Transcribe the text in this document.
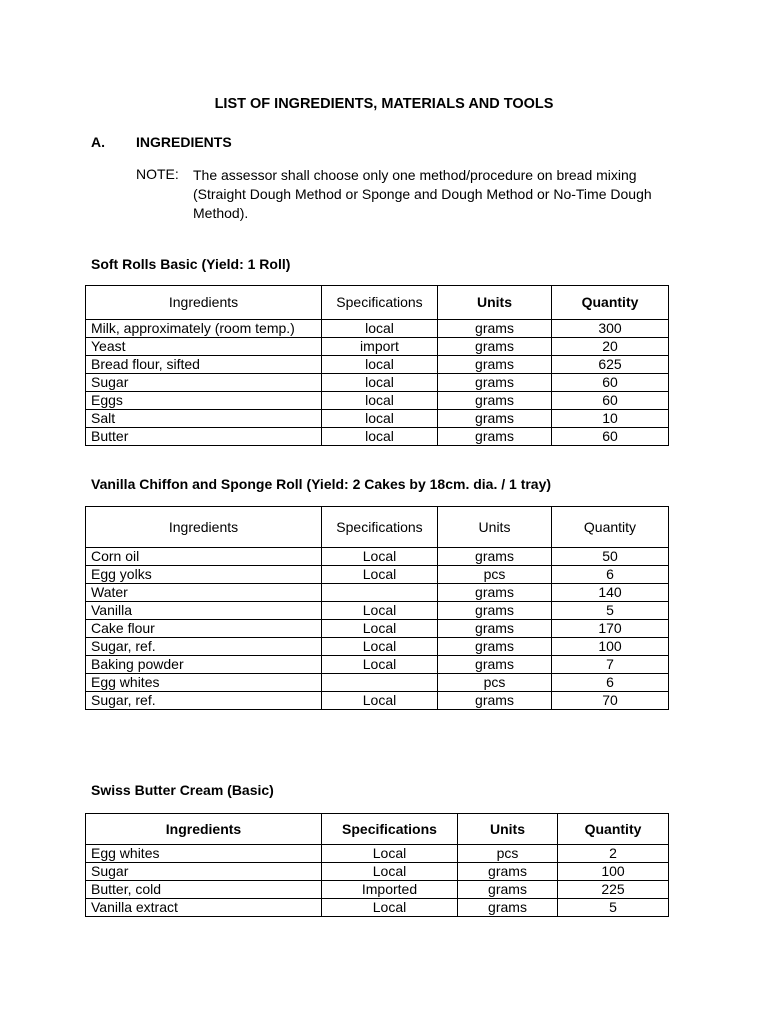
LIST OF INGREDIENTS, MATERIALS AND TOOLS
A. INGREDIENTS
NOTE: The assessor shall choose only one method/procedure on bread mixing (Straight Dough Method or Sponge and Dough Method or No-Time Dough Method).
Soft Rolls Basic (Yield: 1 Roll)
Ingredients	Specifications	Units	Quantity
Milk, approximately (room temp.)	local	grams	300
Yeast	import	grams	20
Bread flour, sifted	local	grams	625
Sugar	local	grams	60
Eggs	local	grams	60
Salt	local	grams	10
Butter	local	grams	60
Vanilla Chiffon and Sponge Roll (Yield: 2 Cakes by 18cm. dia. / 1 tray)
Ingredients	Specifications	Units	Quantity
Corn oil	Local	grams	50
Egg yolks	Local	pcs	6
Water		grams	140
Vanilla	Local	grams	5
Cake flour	Local	grams	170
Sugar, ref.	Local	grams	100
Baking powder	Local	grams	7
Egg whites		pcs	6
Sugar, ref.	Local	grams	70
Swiss Butter Cream (Basic)
Ingredients	Specifications	Units	Quantity
Egg whites	Local	pcs	2
Sugar	Local	grams	100
Butter, cold	Imported	grams	225
Vanilla extract	Local	grams	5
